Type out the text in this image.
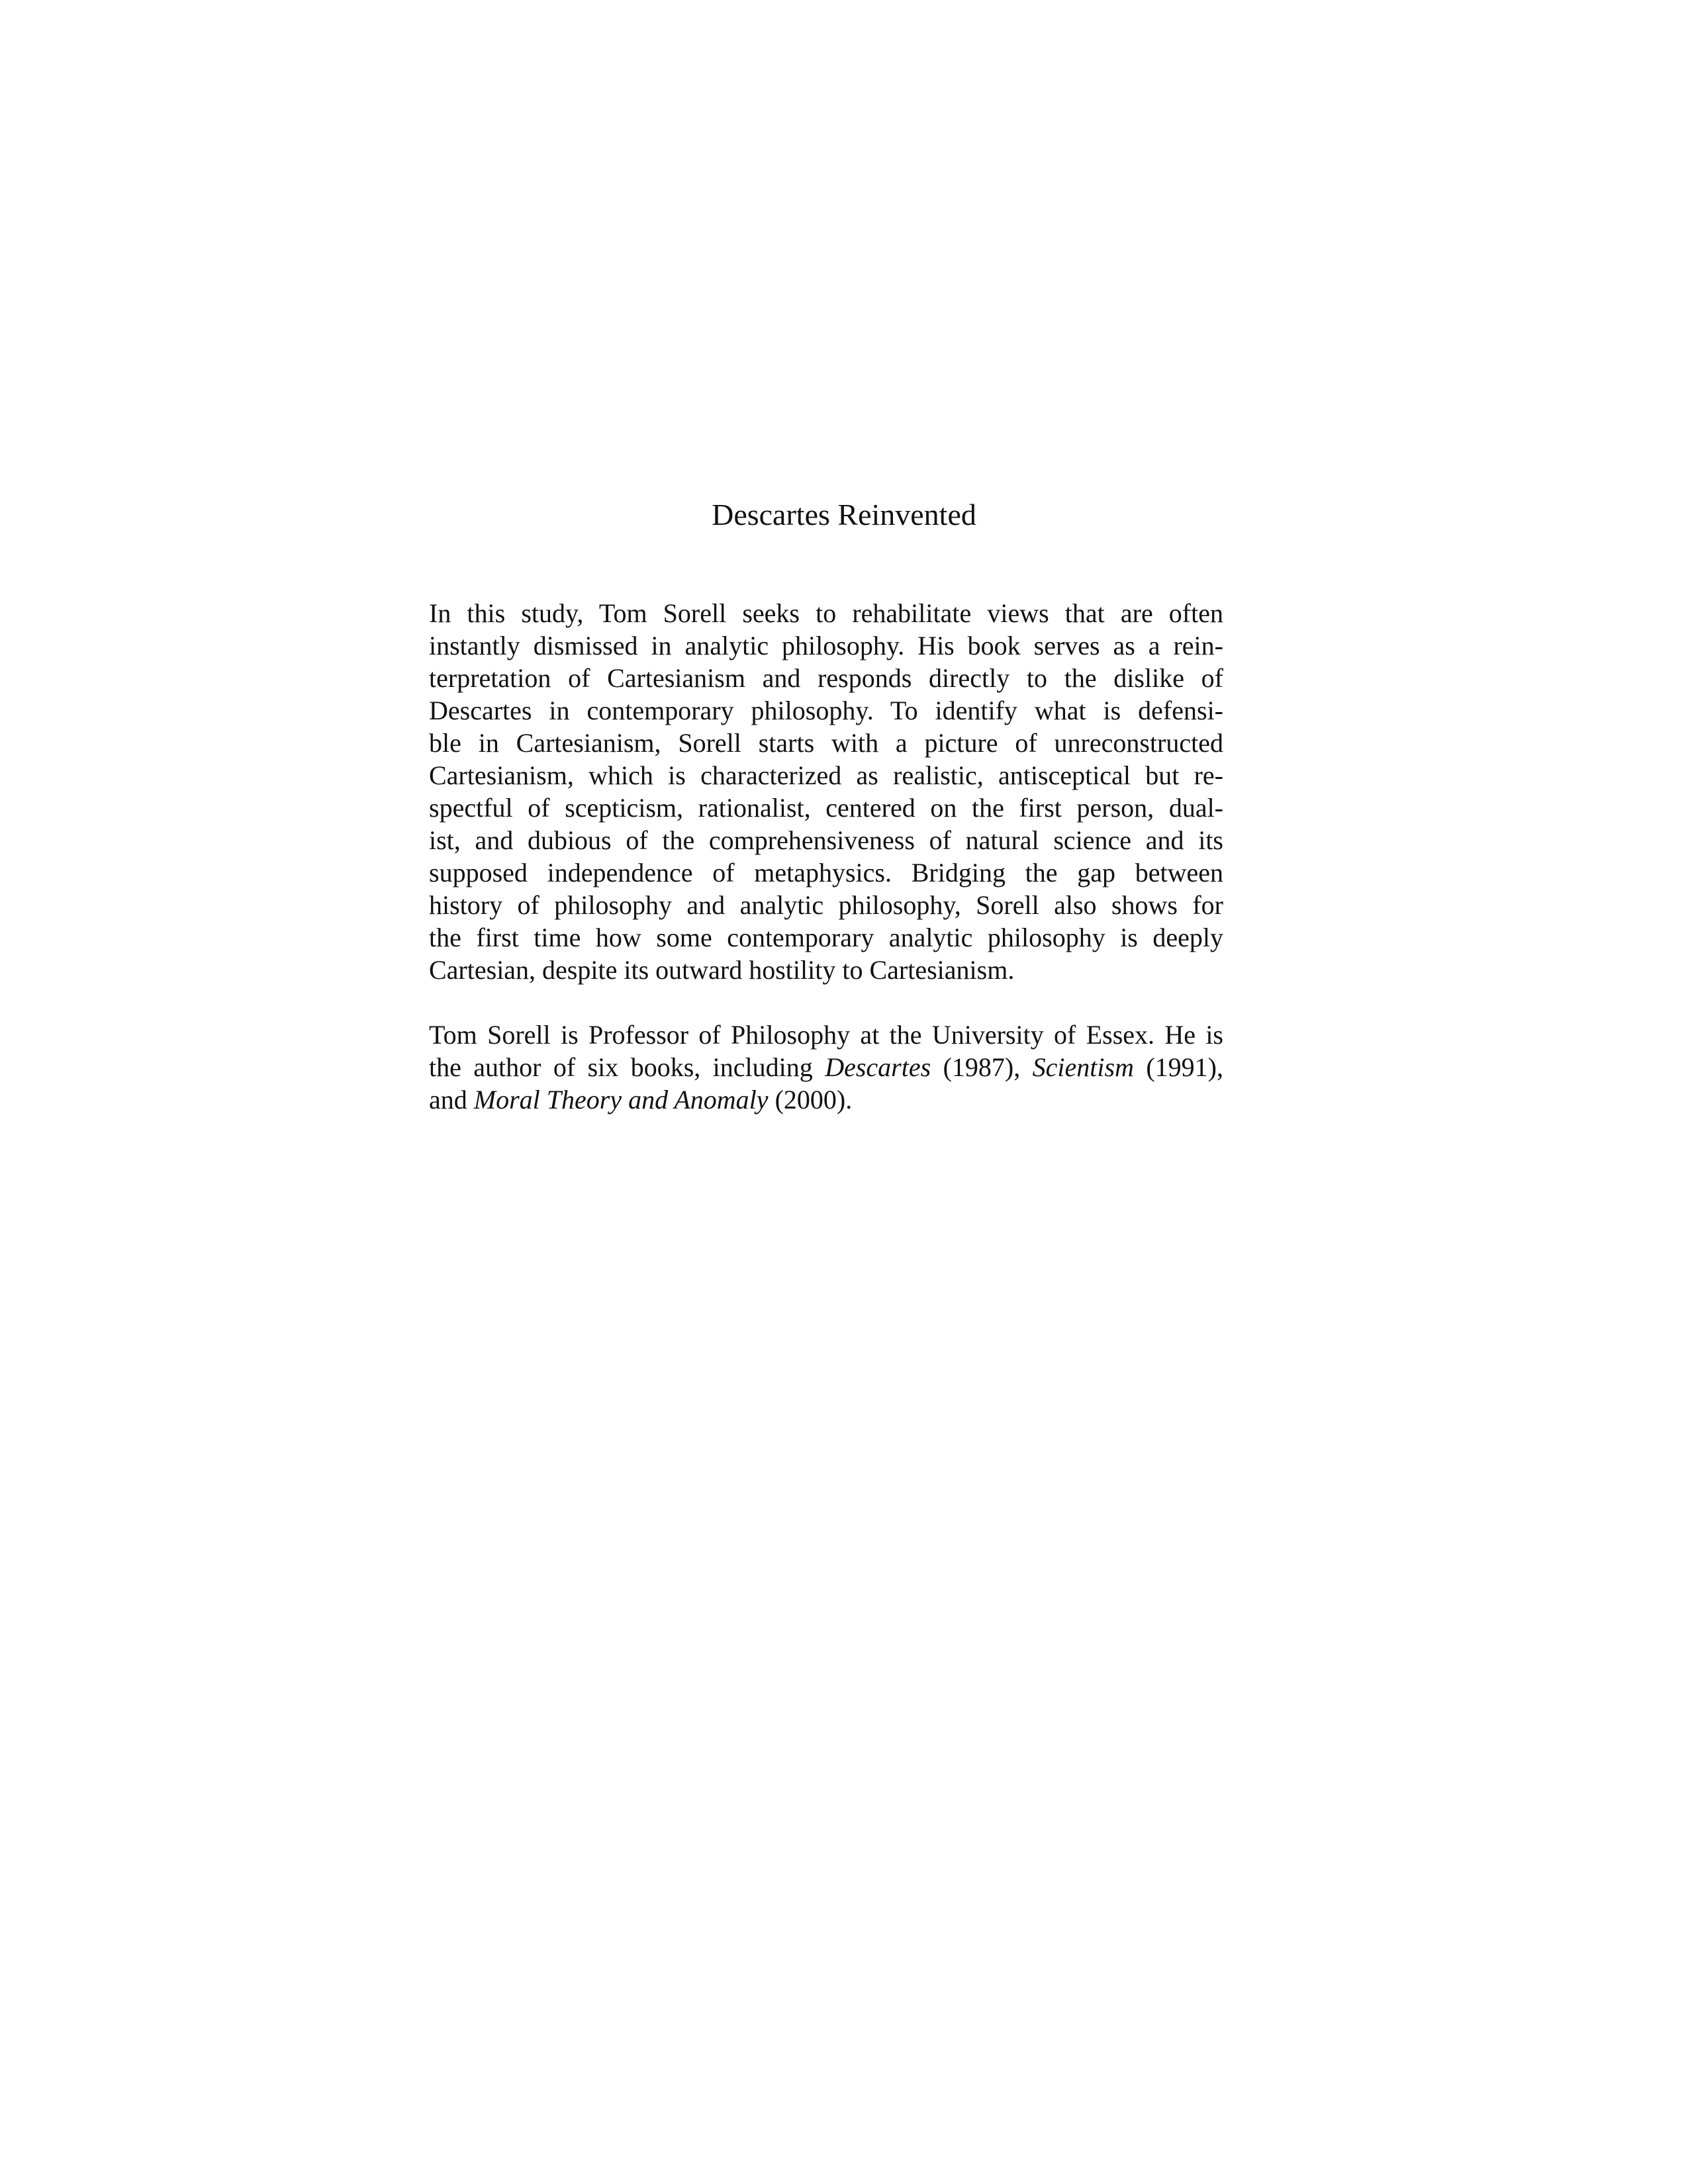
Descartes Reinvented

In this study, Tom Sorell seeks to rehabilitate views that are often
instantly dismissed in analytic philosophy. His book serves as a rein-
terpretation of Cartesianism and responds directly to the dislike of
Descartes in contemporary philosophy. To identify what is defensi-
ble in Cartesianism, Sorell starts with a picture of unreconstructed
Cartesianism, which is characterized as realistic, antisceptical but re-
spectful of scepticism, rationalist, centered on the first person, dual-
ist, and dubious of the comprehensiveness of natural science and its
supposed independence of metaphysics. Bridging the gap between
history of philosophy and analytic philosophy, Sorell also shows for
the first time how some contemporary analytic philosophy is deeply
Cartesian, despite its outward hostility to Cartesianism.

Tom Sorell is Professor of Philosophy at the University of Essex. He is
the author of six books, including Descartes (1987), Scientism (1991),
and Moral Theory and Anomaly (2000).
